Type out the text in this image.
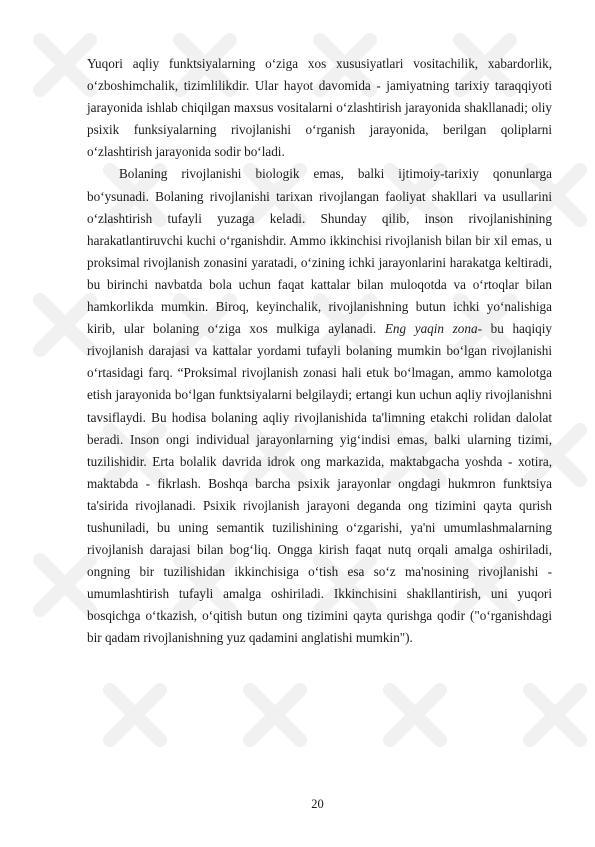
Yuqori aqliy funktsiyalarning o‘ziga xos xususiyatlari vositachilik, xabardorlik, o‘zboshimchalik, tizimlilikdir. Ular hayot davomida - jamiyatning tarixiy taraqqiyoti jarayonida ishlab chiqilgan maxsus vositalarni o‘zlashtirish jarayonida shakllanadi; oliy psixik funksiyalarning rivojlanishi o‘rganish jarayonida, berilgan qoliplarni o‘zlashtirish jarayonida sodir bo‘ladi.

Bolaning rivojlanishi biologik emas, balki ijtimoiy-tarixiy qonunlarga bo‘ysunadi. Bolaning rivojlanishi tarixan rivojlangan faoliyat shakllari va usullarini o‘zlashtirish tufayli yuzaga keladi. Shunday qilib, inson rivojlanishining harakatlantiruvchi kuchi o‘rganishdir. Ammo ikkinchisi rivojlanish bilan bir xil emas, u proksimal rivojlanish zonasini yaratadi, o‘zining ichki jarayonlarini harakatga keltiradi, bu birinchi navbatda bola uchun faqat kattalar bilan muloqotda va o‘rtoqlar bilan hamkorlikda mumkin. Biroq, keyinchalik, rivojlanishning butun ichki yo‘nalishiga kirib, ular bolaning o‘ziga xos mulkiga aylanadi. Eng yaqin zona- bu haqiqiy rivojlanish darajasi va kattalar yordami tufayli bolaning mumkin bo‘lgan rivojlanishi o‘rtasidagi farq. “Proksimal rivojlanish zonasi hali etuk bo‘lmagan, ammo kamolotga etish jarayonida bo‘lgan funktsiyalarni belgilaydi; ertangi kun uchun aqliy rivojlanishni tavsiflaydi. Bu hodisa bolaning aqliy rivojlanishida ta'limning etakchi rolidan dalolat beradi. Inson ongi individual jarayonlarning yig‘indisi emas, balki ularning tizimi, tuzilishidir. Erta bolalik davrida idrok ong markazida, maktabgacha yoshda - xotira, maktabda - fikrlash. Boshqa barcha psixik jarayonlar ongdagi hukmron funktsiya ta'sirida rivojlanadi. Psixik rivojlanish jarayoni deganda ong tizimini qayta qurish tushuniladi, bu uning semantik tuzilishining o‘zgarishi, ya'ni umumlashmalarning rivojlanish darajasi bilan bog‘liq. Ongga kirish faqat nutq orqali amalga oshiriladi, ongning bir tuzilishidan ikkinchisiga o‘tish esa so‘z ma'nosining rivojlanishi - umumlashtirish tufayli amalga oshiriladi. Ikkinchisini shakllantirish, uni yuqori bosqichga o‘tkazish, o‘qitish butun ong tizimini qayta qurishga qodir ("o‘rganishdagi bir qadam rivojlanishning yuz qadamini anglatishi mumkin").

20
